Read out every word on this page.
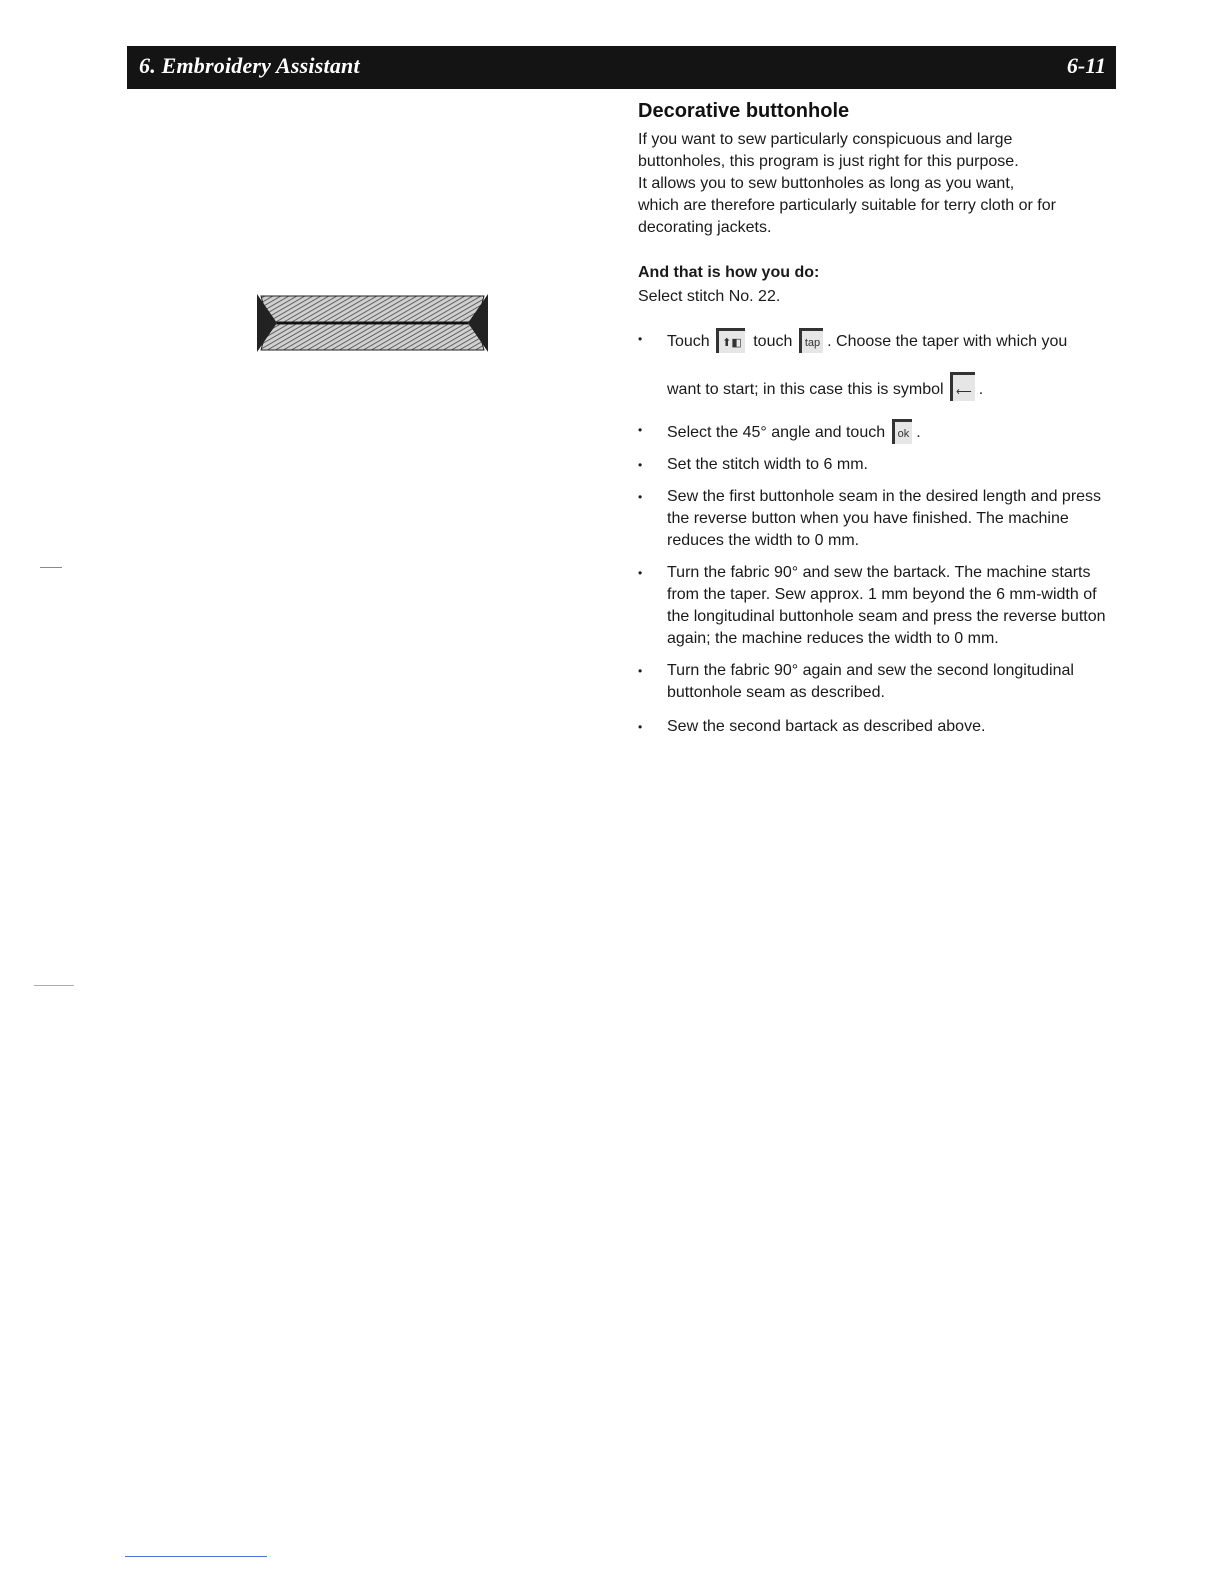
6. Embroidery Assistant	6-11
Decorative buttonhole

If you want to sew particularly conspicuous and large

buttonholes, this program is just right for this purpose.

It allows you to sew buttonholes as long as you want,

which are therefore particularly suitable for terry cloth or for

decorating jackets.

And that is how you do:

Select stitch No. 22.

• Touch ⬆◧ touch tap . Choose the taper with which you
want to start; in this case this is symbol ⟵ .
• Select the 45° angle and touch ok .
• Set the stitch width to 6 mm.
• Sew the first buttonhole seam in the desired length and press the reverse button when you have finished. The machine reduces the width to 0 mm.
• Turn the fabric 90° and sew the bartack. The machine starts from the taper. Sew approx. 1 mm beyond the 6 mm-width of the longitudinal buttonhole seam and press the reverse button again; the machine reduces the width to 0 mm.
• Turn the fabric 90° again and sew the second longitudinal buttonhole seam as described.
• Sew the second bartack as described above.
